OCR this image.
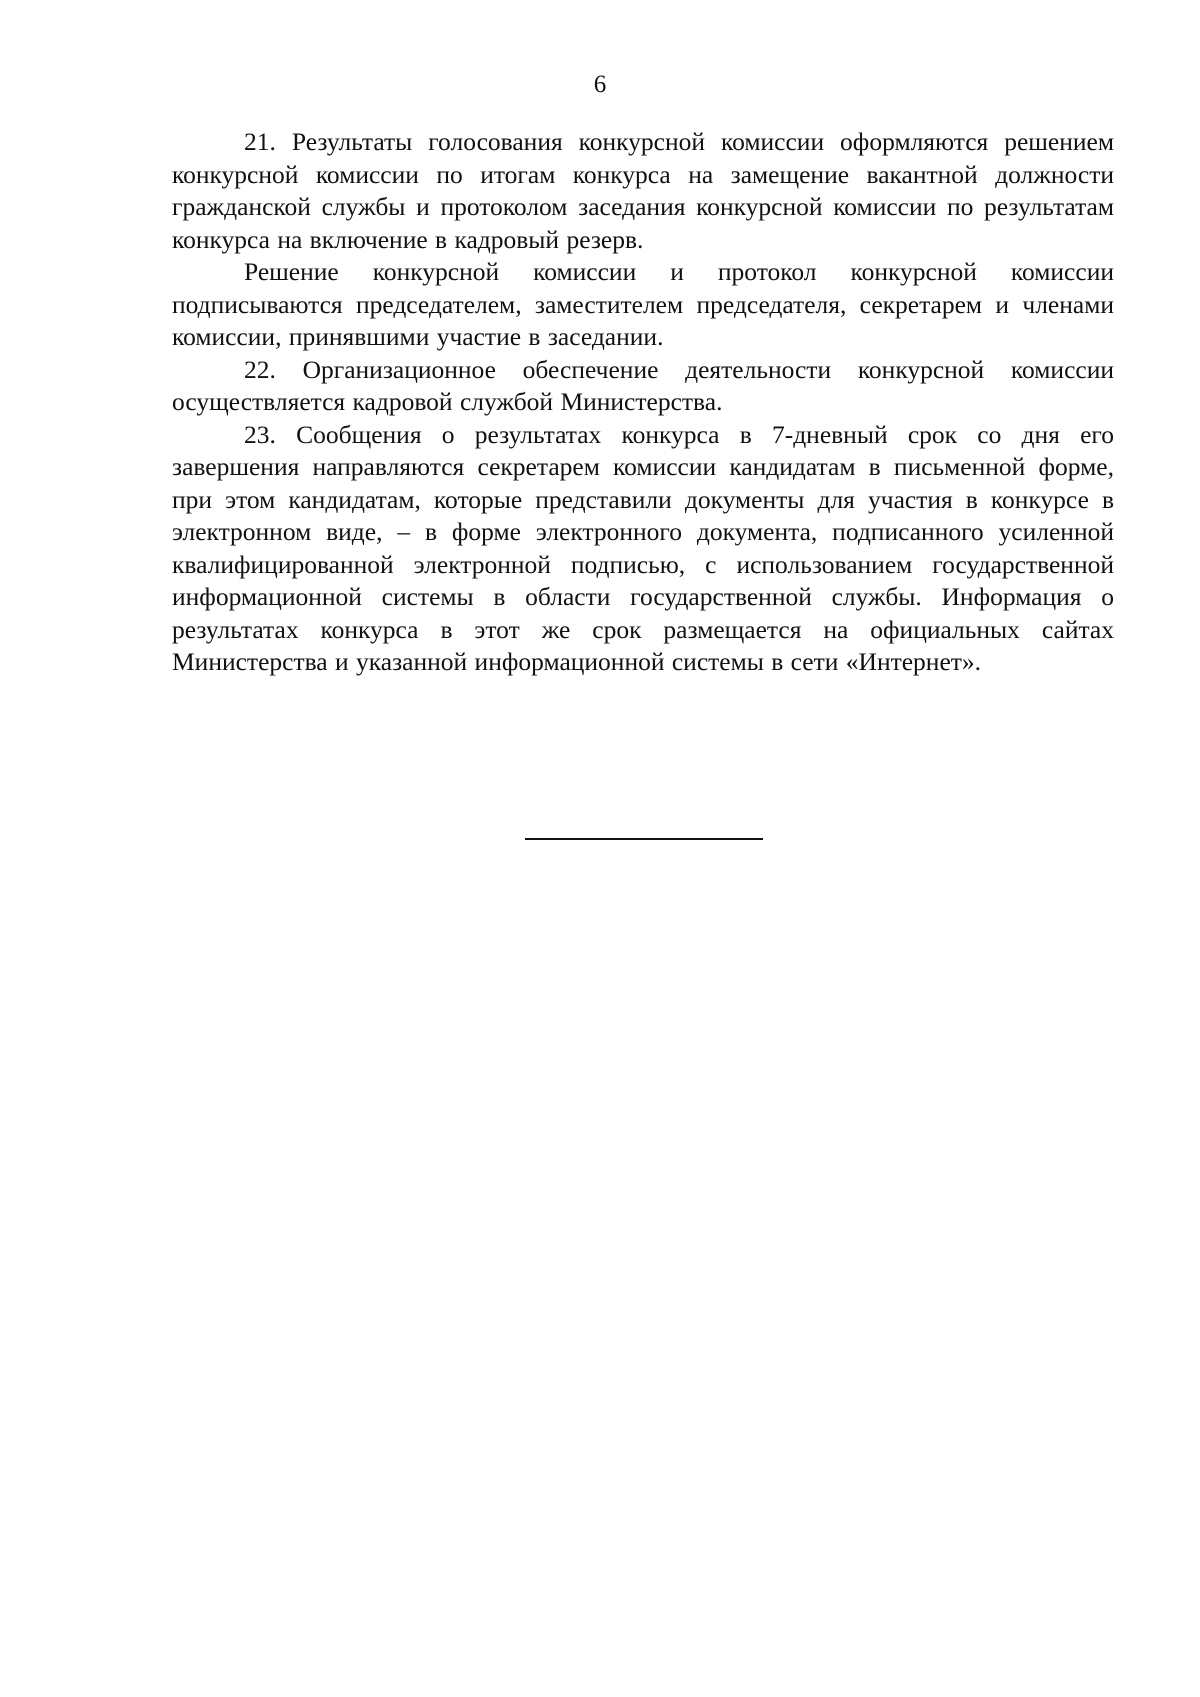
6

21. Результаты голосования конкурсной комиссии оформляются решением конкурсной комиссии по итогам конкурса на замещение вакантной должности гражданской службы и протоколом заседания конкурсной комиссии по результатам конкурса на включение в кадровый резерв.

Решение конкурсной комиссии и протокол конкурсной комиссии подписываются председателем, заместителем председателя, секретарем и членами комиссии, принявшими участие в заседании.

22. Организационное обеспечение деятельности конкурсной комиссии осуществляется кадровой службой Министерства.

23. Сообщения о результатах конкурса в 7-дневный срок со дня его завершения направляются секретарем комиссии кандидатам в письменной форме, при этом кандидатам, которые представили документы для участия в конкурсе в электронном виде, – в форме электронного документа, подписанного усиленной квалифицированной электронной подписью, с использованием государственной информационной системы в области государственной службы. Информация о результатах конкурса в этот же срок размещается на официальных сайтах Министерства и указанной информационной системы в сети «Интернет».
